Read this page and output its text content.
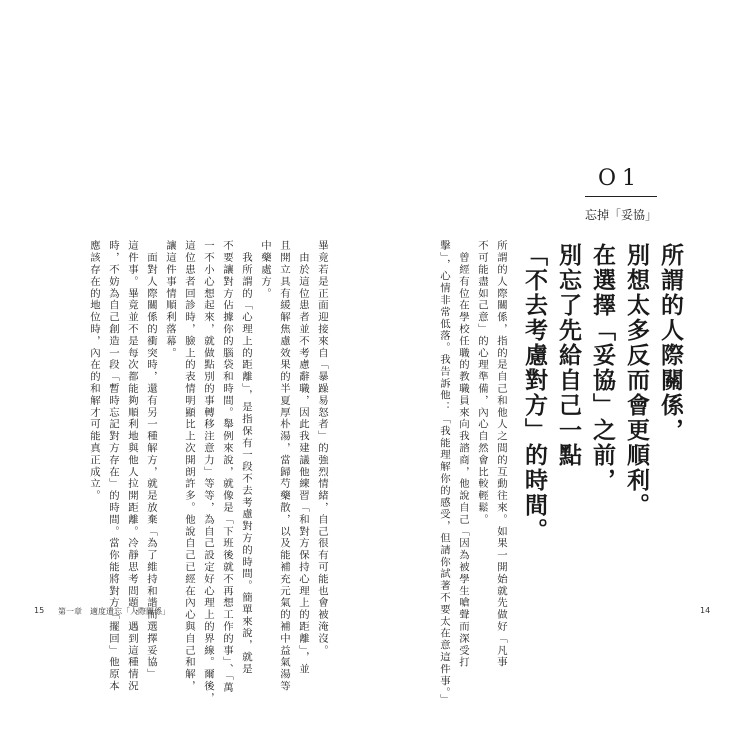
O1
忘掉「妥協」
所謂的人際關係，
別想太多反而會更順利。
在選擇「妥協」之前，
別忘了先給自己一點
「不去考慮對方」的時間。
所謂的人際關係，指的是自己和他人之間的互動往來。如果一開始就先做好「凡事
不可能盡如己意」的心理準備，內心自然會比較輕鬆。
　曾經有位在學校任職的教職員來向我諮商，他說自己「因為被學生嗆聲而深受打
擊」，心情非常低落。我告訴他：「我能理解你的感受，但請你試著不要太在意這件事。」	14
畢竟若是正面迎接來自「暴躁易怒者」的強烈情緒，自己很有可能也會被淹沒。
　由於這位患者並不考慮辭職，因此我建議他練習「和對方保持心理上的距離」，並
且開立具有緩解焦慮效果的半夏厚朴湯，當歸芍藥散，以及能補充元氣的補中益氣湯等
中藥處方。
　我所謂的「心理上的距離」，是指保有一段不去考慮對方的時間。簡單來說，就是
不要讓對方佔據你的腦袋和時間。舉例來說，就像是「下班後就不再想工作的事」、「萬
一不小心想起來，就做點別的事轉移注意力」等等，為自己設定好心理上的界線。爾後，
這位患者回診時，臉上的表情明顯比上次開朗許多。他說自己已經在內心與自己和解，
讓這件事情順利落幕。
　面對人際關係的衝突時，還有另一種解方，就是放棄「為了維持和諧而選擇妥協」
這件事。畢竟並不是每次都能夠順利地與他人拉開距離。冷靜思考問題，遇到這種情況
時，不妨為自己創造一段「暫時忘記對方存在」的時間。當你能將對方「擺回」他原本
應該存在的地位時，內在的和解才可能真正成立。
15 第一章 適度遺忘「人際關係」
